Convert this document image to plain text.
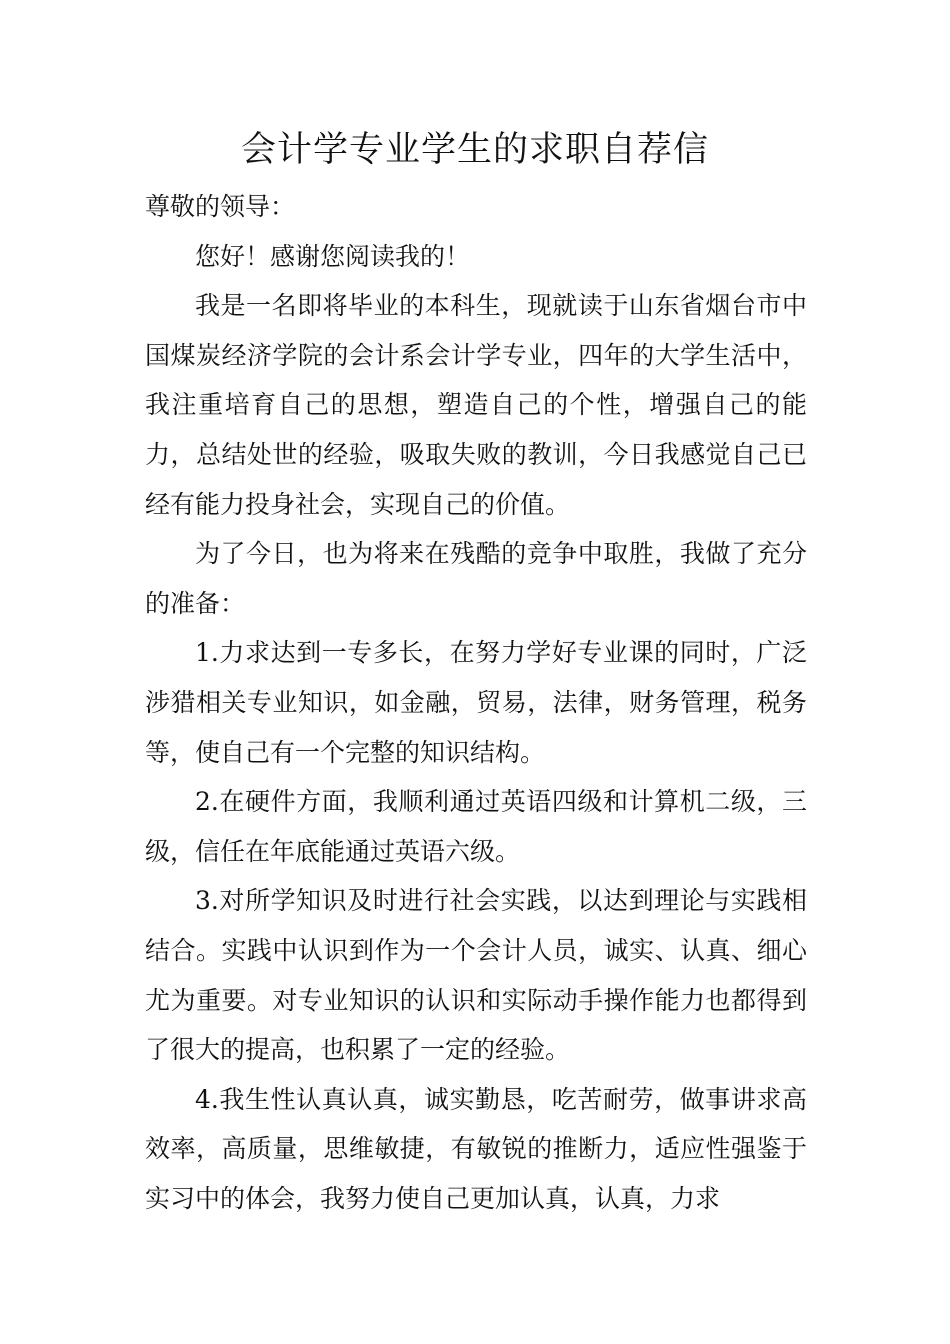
会计学专业学生的求职自荐信

尊敬的领导：

您好！感谢您阅读我的！

我是一名即将毕业的本科生，现就读于山东省烟台市中国煤炭经济学院的会计系会计学专业，四年的大学生活中，我注重培育自己的思想，塑造自己的个性，增强自己的能力，总结处世的经验，吸取失败的教训，今日我感觉自己已经有能力投身社会，实现自己的价值。

为了今日，也为将来在残酷的竞争中取胜，我做了充分的准备：

1.力求达到一专多长，在努力学好专业课的同时，广泛涉猎相关专业知识，如金融，贸易，法律，财务管理，税务等，使自己有一个完整的知识结构。

2.在硬件方面，我顺利通过英语四级和计算机二级，三级，信任在年底能通过英语六级。

3.对所学知识及时进行社会实践，以达到理论与实践相结合。实践中认识到作为一个会计人员，诚实、认真、细心尤为重要。对专业知识的认识和实际动手操作能力也都得到了很大的提高，也积累了一定的经验。

4.我生性认真认真，诚实勤恳，吃苦耐劳，做事讲求高效率，高质量，思维敏捷，有敏锐的推断力，适应性强鉴于实习中的体会，我努力使自己更加认真，认真，力求
